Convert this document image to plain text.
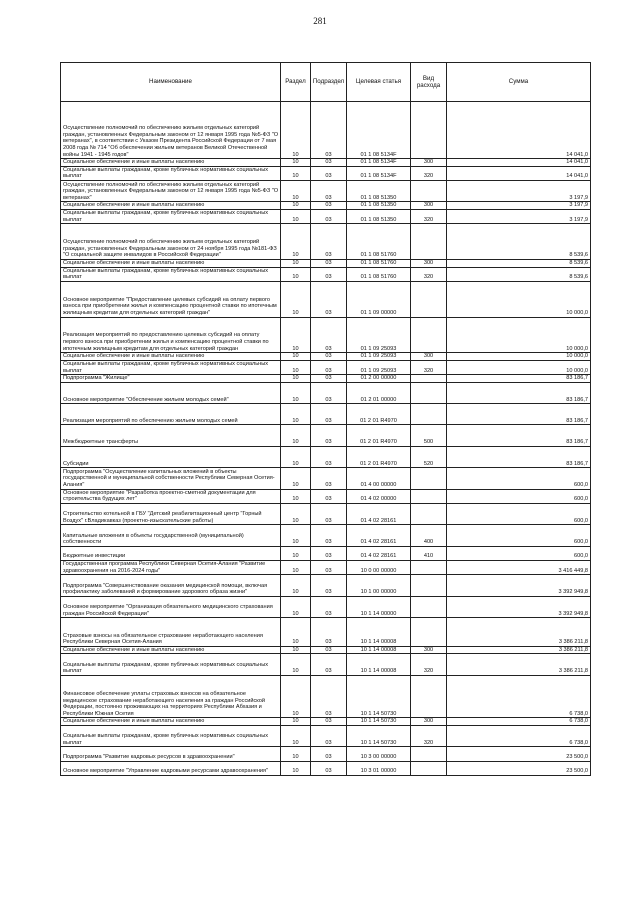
281
Наименование	Раздел	Подраздел	Целевая статья	Вид расхода	Сумма
Осуществление полномочий по обеспечению жильем отдельных категорий граждан, установленных Федеральным законом от 12 января 1995 года №5-ФЗ "О ветеранах", в соответствии с Указом Президента Российской Федерации от 7 мая 2008 года № 714 "Об обеспечении жильем ветеранов Великой Отечественной войны 1941 - 1945 годов"	10	03	01 1 08 5134F		14 041,0
Социальное обеспечение и иные выплаты населению	10	03	01 1 08 5134F	300	14 041,0
Социальные выплаты гражданам, кроме публичных нормативных социальных выплат	10	03	01 1 08 5134F	320	14 041,0
Осуществление полномочий по обеспечению жильем отдельных категорий граждан, установленных Федеральным законом от 12 января 1995 года №5-ФЗ "О ветеранах"	10	03	01 1 08 51350		3 197,9
Социальное обеспечение и иные выплаты населению	10	03	01 1 08 51350	300	3 197,9
Социальные выплаты гражданам, кроме публичных нормативных социальных выплат	10	03	01 1 08 51350	320	3 197,9
Осуществление полномочий по обеспечению жильем отдельных категорий граждан, установленных Федеральным законом от 24 ноября 1995 года №181-ФЗ "О социальной защите инвалидов в Российской Федерации"	10	03	01 1 08 51760		8 539,6
Социальное обеспечение и иные выплаты населению	10	03	01 1 08 51760	300	8 539,6
Социальные выплаты гражданам, кроме публичных нормативных социальных выплат	10	03	01 1 08 51760	320	8 539,6
Основное мероприятие "Предоставление целевых субсидий на оплату первого взноса при приобретении жилья и компенсацию процентной ставки по ипотечным жилищным кредитам для отдельных категорий граждан"	10	03	01 1 09 00000		10 000,0
Реализация мероприятий по предоставлению целевых субсидий на оплату первого взноса при приобретении жилья и компенсацию процентной ставки по ипотечным жилищным кредитам для отдельных категорий граждан	10	03	01 1 09 25093		10 000,0
Социальное обеспечение и иные выплаты населению	10	03	01 1 09 25093	300	10 000,0
Социальные выплаты гражданам, кроме публичных нормативных социальных выплат	10	03	01 1 09 25093	320	10 000,0
Подпрограмма "Жилище"	10	03	01 2 00 00000		83 186,7
Основное мероприятие "Обеспечение жильем молодых семей"	10	03	01 2 01 00000		83 186,7
Реализация мероприятий по обеспечению жильем молодых семей	10	03	01 2 01 R4970		83 186,7
Межбюджетные трансферты	10	03	01 2 01 R4970	500	83 186,7
Субсидии	10	03	01 2 01 R4970	520	83 186,7
Подпрограмма "Осуществление капитальных вложений в объекты государственной и муниципальной собственности Республики Северная Осетия-Алания"	10	03	01 4 00 00000		600,0
Основное мероприятие "Разработка проектно-сметной документации для строительства будущих лет"	10	03	01 4 02 00000		600,0
Строительство котельной в ГБУ "Детский реабилитационный центр "Горный Воздух" г.Владикавказ (проектно-изыскательские работы)	10	03	01 4 02 28161		600,0
Капитальные вложения в объекты государственной (муниципальной) собственности	10	03	01 4 02 28161	400	600,0
Бюджетные инвестиции	10	03	01 4 02 28161	410	600,0
Государственная программа Республики Северная Осетия-Алания "Развитие здравоохранения на 2016-2024 годы"	10	03	10 0 00 00000		3 416 449,8
Подпрограмма "Совершенствование оказания медицинской помощи, включая профилактику заболеваний и формирование здорового образа жизни"	10	03	10 1 00 00000		3 392 949,8
Основное мероприятие "Организация обязательного медицинского страхования граждан Российской Федерации"	10	03	10 1 14 00000		3 392 949,8
Страховые взносы на обязательное страхование неработающего населения Республики Северная Осетия-Алания	10	03	10 1 14 00008		3 386 211,8
Социальное обеспечение и иные выплаты населению	10	03	10 1 14 00008	300	3 386 211,8
Социальные выплаты гражданам, кроме публичных нормативных социальных выплат	10	03	10 1 14 00008	320	3 386 211,8
Финансовое обеспечение уплаты страховых взносов на обязательное медицинское страхование неработающего населения за граждан Российской Федерации, постоянно проживающих на территориях Республики Абхазия и Республики Южная Осетия	10	03	10 1 14 50730		6 738,0
Социальное обеспечение и иные выплаты населению	10	03	10 1 14 50730	300	6 738,0
Социальные выплаты гражданам, кроме публичных нормативных социальных выплат	10	03	10 1 14 50730	320	6 738,0
Подпрограмма "Развитие кадровых ресурсов в здравоохранении"	10	03	10 3 00 00000		23 500,0
Основное мероприятие "Управление кадровыми ресурсами здравоохранения"	10	03	10 3 01 00000		23 500,0
